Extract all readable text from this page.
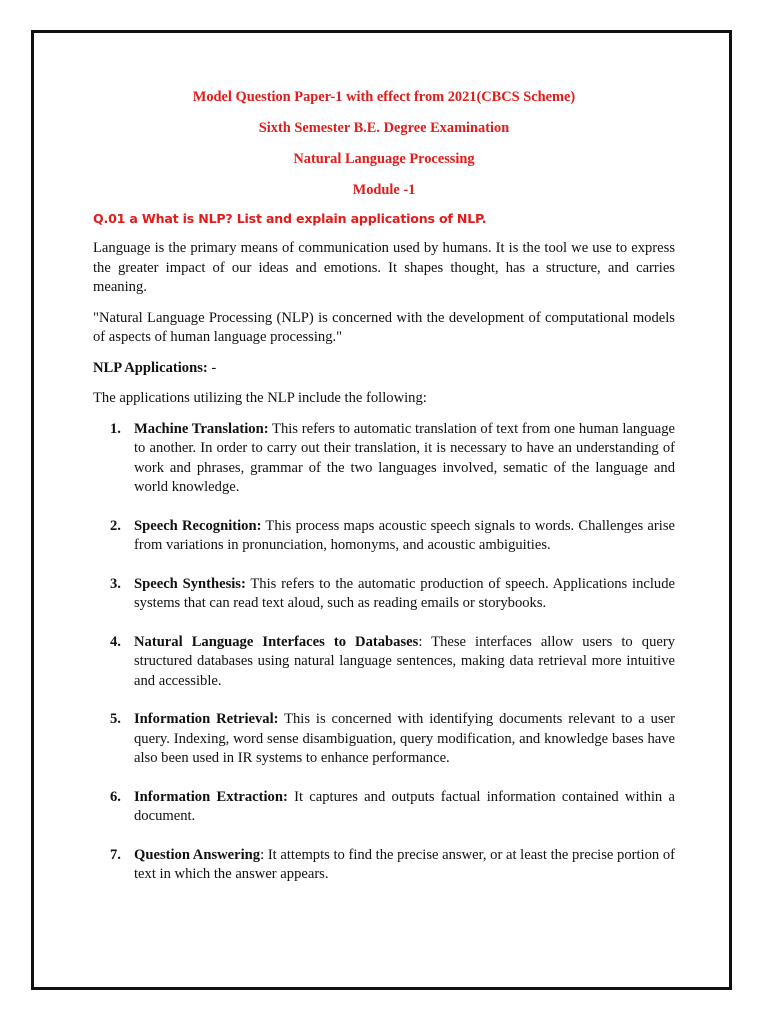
Model Question Paper-1 with effect from 2021(CBCS Scheme)

Sixth Semester B.E. Degree Examination

Natural Language Processing

Module -1

Q.01 a What is NLP? List and explain applications of NLP.

Language is the primary means of communication used by humans. It is the tool we use to express the greater impact of our ideas and emotions. It shapes thought, has a structure, and carries meaning.

"Natural Language Processing (NLP) is concerned with the development of computational models of aspects of human language processing."

NLP Applications: -

The applications utilizing the NLP include the following:

1. Machine Translation: This refers to automatic translation of text from one human language to another. In order to carry out their translation, it is necessary to have an understanding of work and phrases, grammar of the two languages involved, sematic of the language and world knowledge.
2. Speech Recognition: This process maps acoustic speech signals to words. Challenges arise from variations in pronunciation, homonyms, and acoustic ambiguities.
3. Speech Synthesis: This refers to the automatic production of speech. Applications include systems that can read text aloud, such as reading emails or storybooks.
4. Natural Language Interfaces to Databases: These interfaces allow users to query structured databases using natural language sentences, making data retrieval more intuitive and accessible.
5. Information Retrieval: This is concerned with identifying documents relevant to a user query. Indexing, word sense disambiguation, query modification, and knowledge bases have also been used in IR systems to enhance performance.
6. Information Extraction: It captures and outputs factual information contained within a document.
7. Question Answering: It attempts to find the precise answer, or at least the precise portion of text in which the answer appears.
